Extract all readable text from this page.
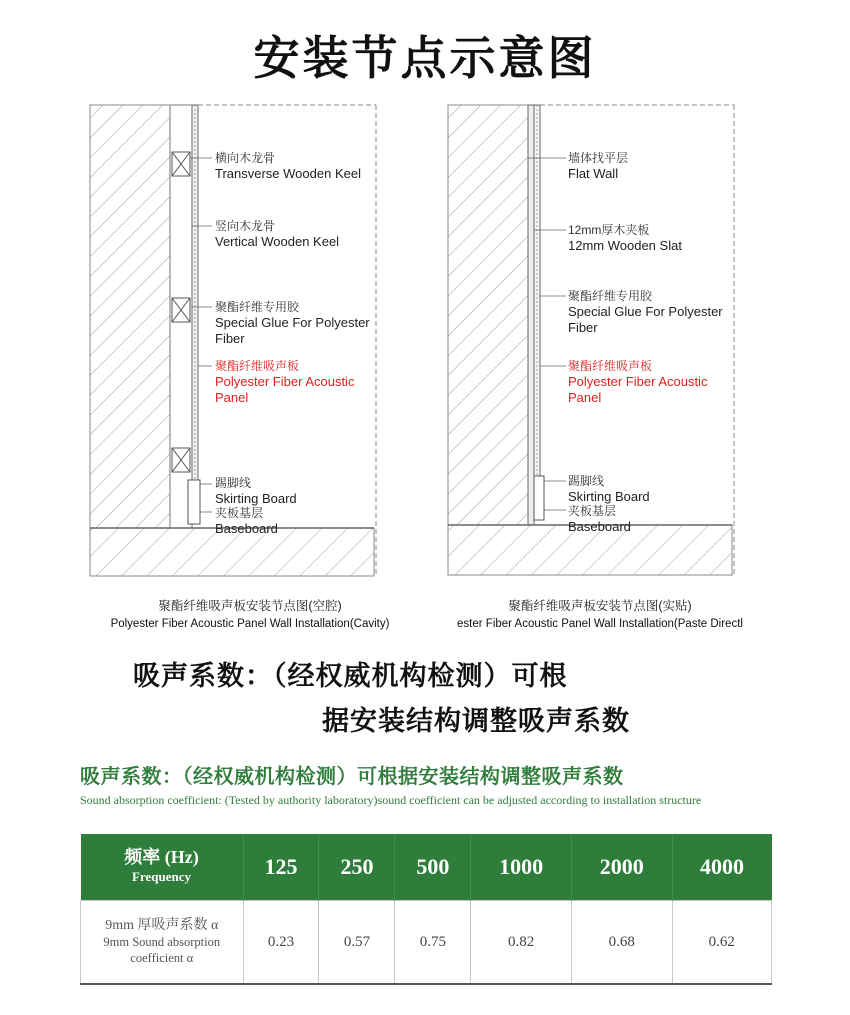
安装节点示意图
横向木龙骨
Transverse Wooden Keel
竖向木龙骨
Vertical Wooden Keel
聚酯纤维专用胶
Special Glue For Polyester Fiber
聚酯纤维吸声板
Polyester Fiber Acoustic Panel
踢脚线
Skirting Board
夹板基层
Baseboard
聚酯纤维吸声板安装节点图(空腔)
Polyester Fiber Acoustic Panel Wall Installation(Cavity)
墙体找平层
Flat Wall
12mm厚木夹板
12mm Wooden Slat
聚酯纤维专用胶
Special Glue For Polyester Fiber
聚酯纤维吸声板
Polyester Fiber Acoustic Panel
踢脚线
Skirting Board
夹板基层
Baseboard
聚酯纤维吸声板安装节点图(实贴)
ester Fiber Acoustic Panel Wall Installation(Paste Directl
吸声系数：（经权威机构检测）可根
据安装结构调整吸声系数
吸声系数：（经权威机构检测）可根据安装结构调整吸声系数
Sound absorption coefficient: (Tested by authority laboratory)sound coefficient can be adjusted according to installation structure
频率 (Hz)
Frequency	125	250	500	1000	2000	4000
9mm 厚吸声系数 α
9mm Sound absorption coefficient α	0.23	0.57	0.75	0.82	0.68	0.62
